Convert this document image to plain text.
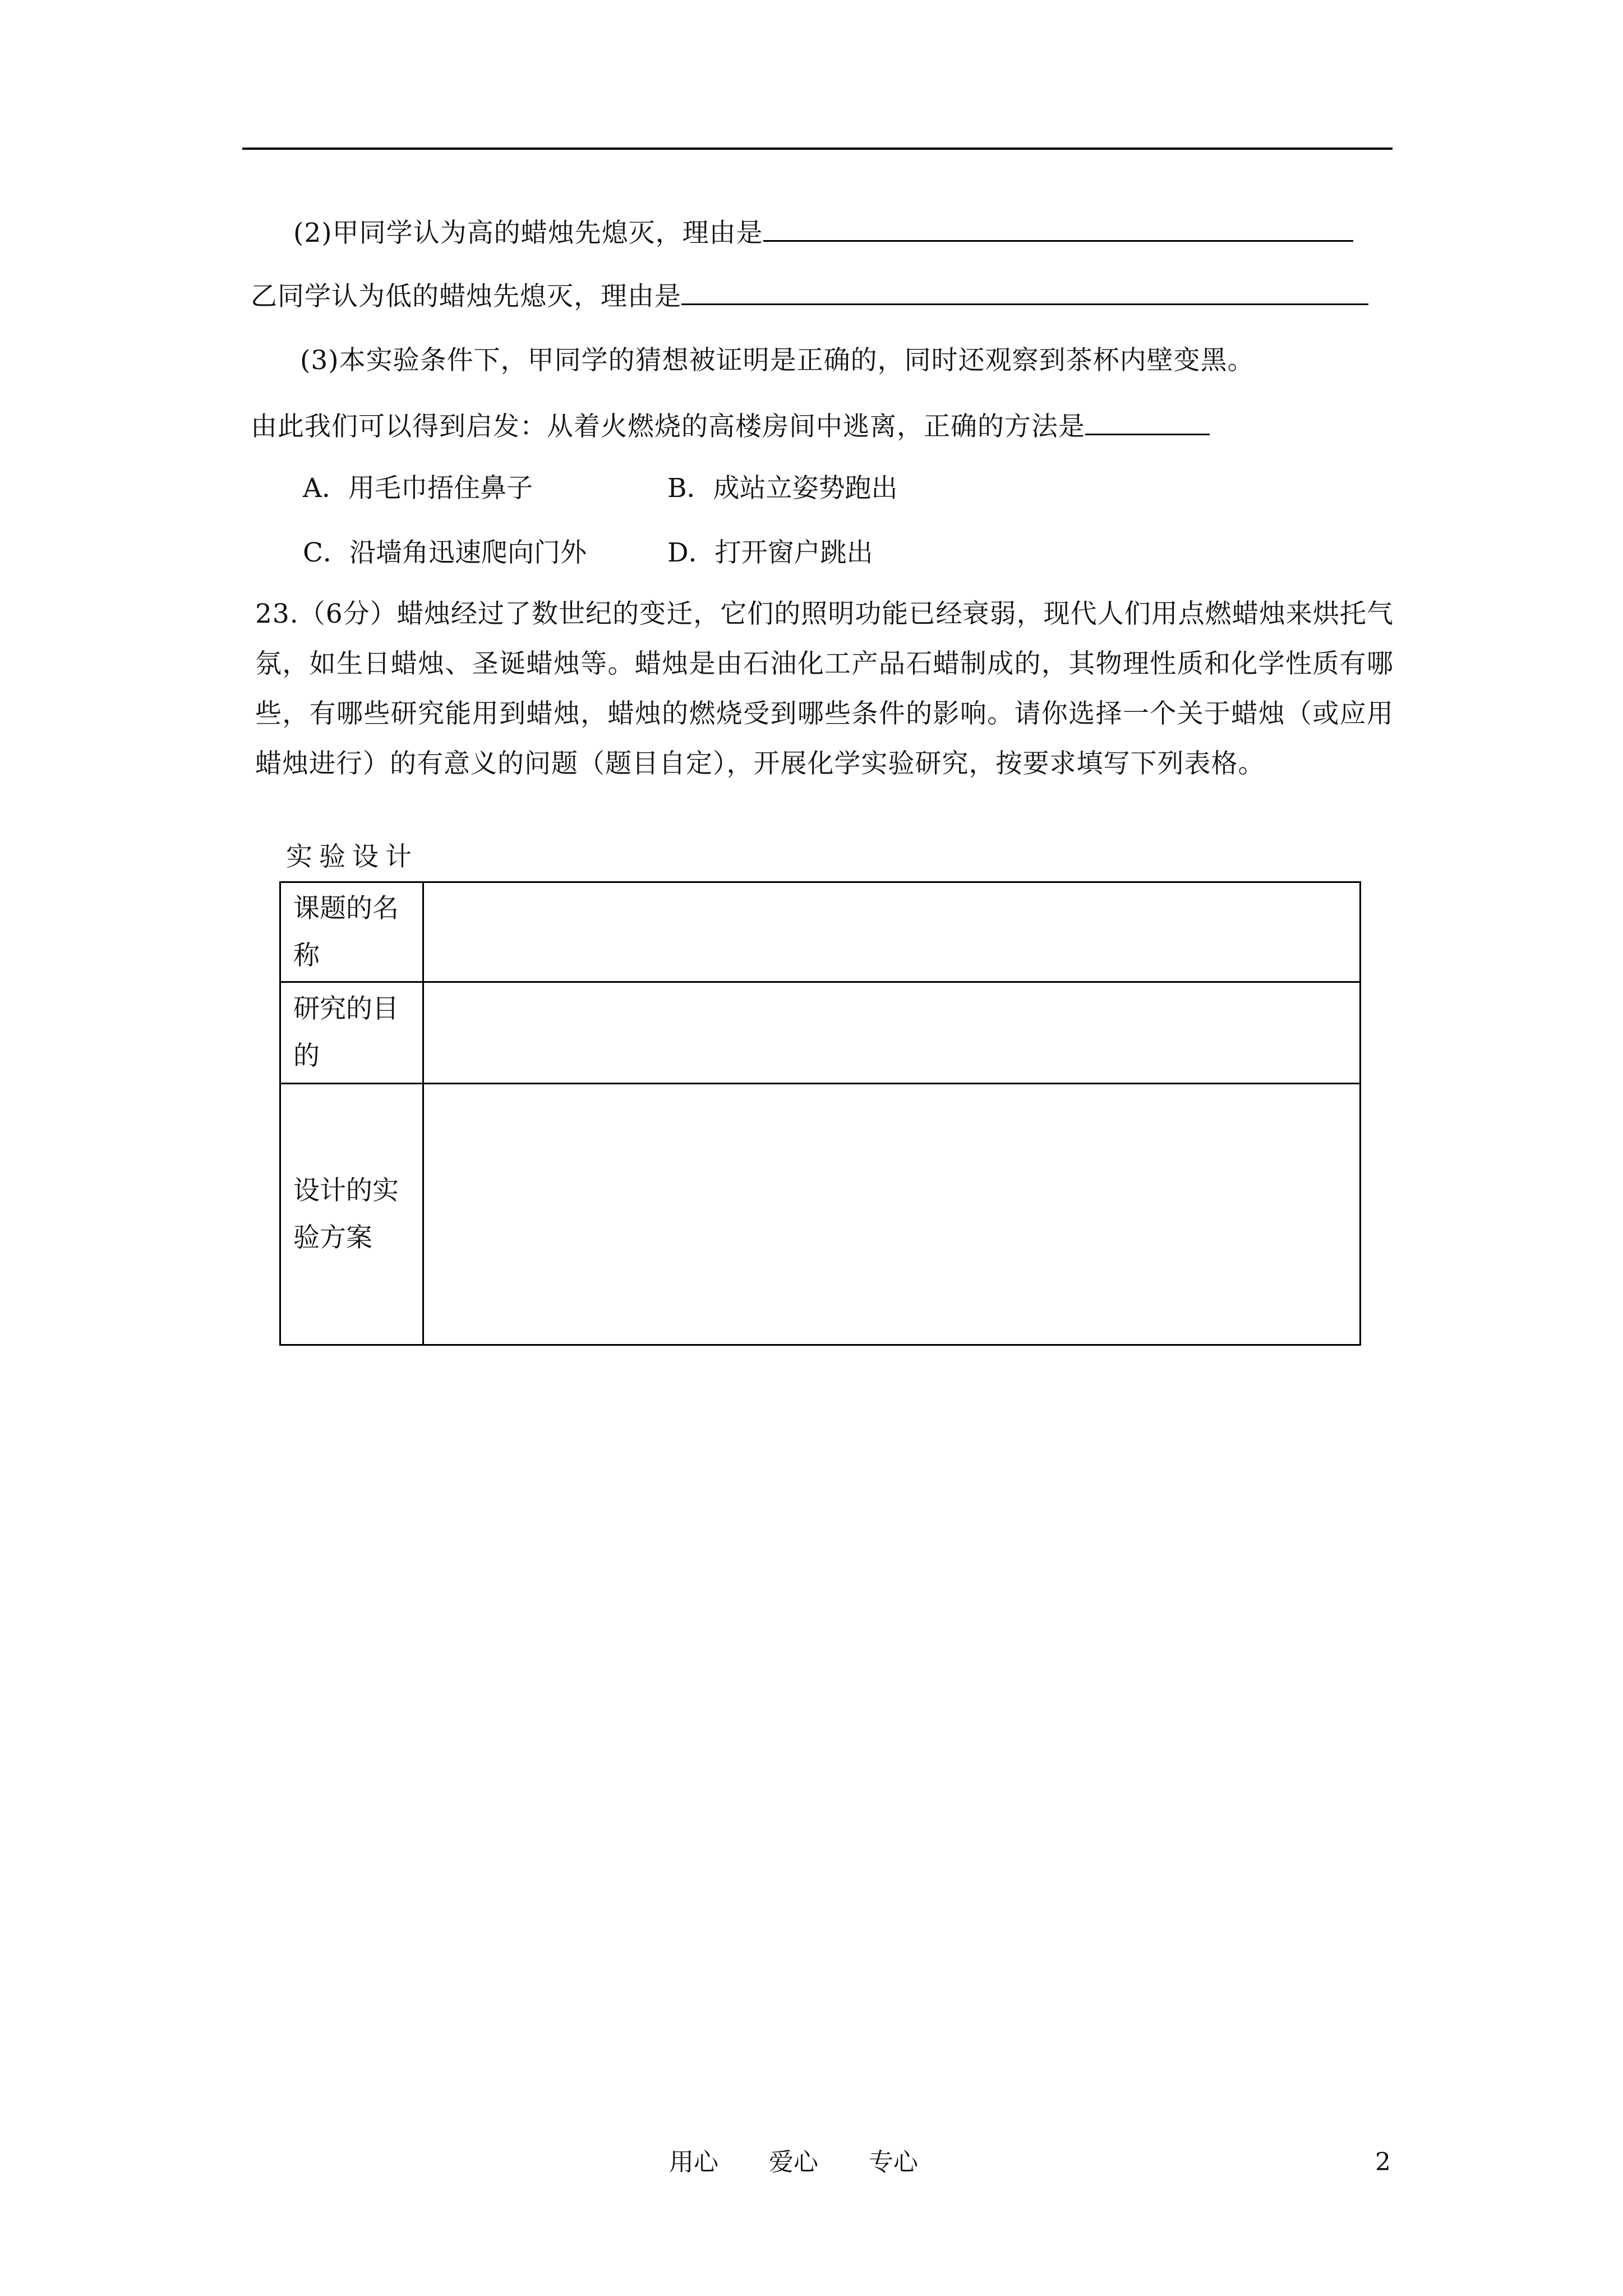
(2)甲同学认为高的蜡烛先熄灭，理由是
乙同学认为低的蜡烛先熄灭，理由是
(3)本实验条件下，甲同学的猜想被证明是正确的，同时还观察到茶杯内壁变黑。
由此我们可以得到启发：从着火燃烧的高楼房间中逃离，正确的方法是
A．用毛巾捂住鼻子	B．成站立姿势跑出
C．沿墙角迅速爬向门外	D．打开窗户跳出
23.（6分）蜡烛经过了数世纪的变迁，它们的照明功能已经衰弱，现代人们用点燃蜡烛来烘托气氛，如生日蜡烛、圣诞蜡烛等。蜡烛是由石油化工产品石蜡制成的，其物理性质和化学性质有哪些，有哪些研究能用到蜡烛，蜡烛的燃烧受到哪些条件的影响。请你选择一个关于蜡烛（或应用蜡烛进行）的有意义的问题（题目自定），开展化学实验研究，按要求填写下列表格。
实验设计
课题的名称	
研究的目的	
设计的实验方案	
用心 爱心 专心	2
